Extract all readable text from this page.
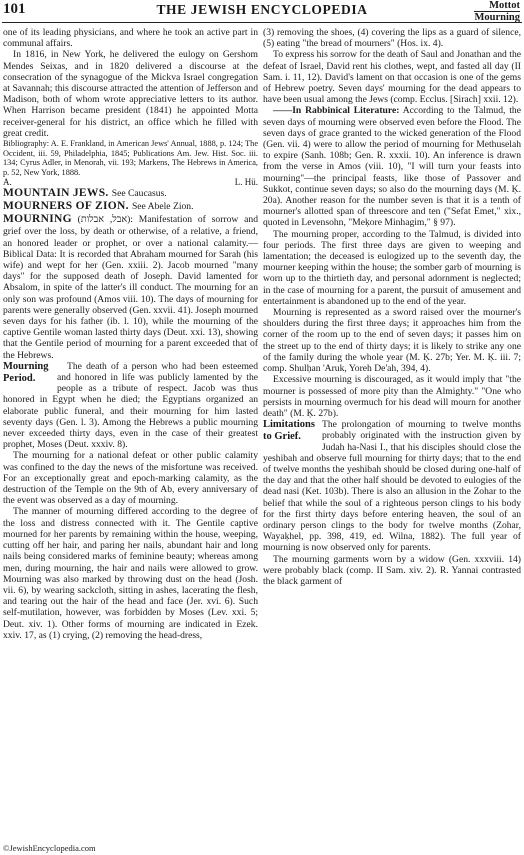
101	THE JEWISH ENCYCLOPEDIA	Mottot
Mourning

one of its leading physicians, and where he took an active part in communal affairs.

In 1816, in New York, he delivered the eulogy on Gershom Mendes Seixas, and in 1820 delivered a discourse at the consecration of the synagogue of the Mickva Israel congregation at Savannah; this discourse attracted the attention of Jefferson and Madison, both of whom wrote appreciative letters to its author. When Harrison became president (1841) he appointed Motta receiver-general for his district, an office which he filled with great credit.

Bibliography: A. E. Frankland, in American Jews' Annual, 1888, p. 124; The Occident, iii. 59, Philadelphia, 1845; Publications Am. Jew. Hist. Soc. iii. 134; Cyrus Adler, in Menorah, vii. 193; Markens, The Hebrews in America, p. 52, New York, 1888.

A.	L. Hü.
MOUNTAIN JEWS. See Caucasus.
MOURNERS OF ZION. See Abele Zion.

MOURNING (אבל, אבלות): Manifestation of sorrow and grief over the loss, by death or otherwise, of a relative, a friend, an honored leader or prophet, or over a national calamity.—Biblical Data: It is recorded that Abraham mourned for Sarah (his wife) and wept for her (Gen. xxiii. 2). Jacob mourned "many days" for the supposed death of Joseph. David lamented for Absalom, in spite of the latter's ill conduct. The mourning for an only son was profound (Amos viii. 10). The days of mourning for parents were generally observed (Gen. xxvii. 41). Joseph mourned seven days for his father (ib. l. 10), while the mourning of the captive Gentile woman lasted thirty days (Deut. xxi. 13), showing that the Gentile period of mourning for a parent exceeded that of the Hebrews.

Mourning Period.

The death of a person who had been esteemed and honored in life was publicly lamented by the people as a tribute of respect. Jacob was thus honored in Egypt when he died; the Egyptians organized an elaborate public funeral, and their mourning for him lasted seventy days (Gen. l. 3). Among the Hebrews a public mourning never exceeded thirty days, even in the case of their greatest prophet, Moses (Deut. xxxiv. 8).

The mourning for a national defeat or other public calamity was confined to the day the news of the misfortune was received. For an exceptionally great and epoch-marking calamity, as the destruction of the Temple on the 9th of Ab, every anniversary of the event was observed as a day of mourning.

The manner of mourning differed according to the degree of the loss and distress connected with it. The Gentile captive mourned for her parents by remaining within the house, weeping, cutting off her hair, and paring her nails, abundant hair and long nails being considered marks of feminine beauty; whereas among men, during mourning, the hair and nails were allowed to grow. Mourning was also marked by throwing dust on the head (Josh. vii. 6), by wearing sackcloth, sitting in ashes, lacerating the flesh, and tearing out the hair of the head and face (Jer. xvi. 6). Such self-mutilation, however, was forbidden by Moses (Lev. xxi. 5; Deut. xiv. 1). Other forms of mourning are indicated in Ezek. xxiv. 17, as (1) crying, (2) removing the head-dress,

(3) removing the shoes, (4) covering the lips as a guard of silence, (5) eating "the bread of mourners" (Hos. ix. 4).

To express his sorrow for the death of Saul and Jonathan and the defeat of Israel, David rent his clothes, wept, and fasted all day (II Sam. i. 11, 12). David's lament on that occasion is one of the gems of Hebrew poetry. Seven days' mourning for the dead appears to have been usual among the Jews (comp. Ecclus. [Sirach] xxii. 12).

——In Rabbinical Literature: According to the Talmud, the seven days of mourning were observed even before the Flood. The seven days of grace granted to the wicked generation of the Flood (Gen. vii. 4) were to allow the period of mourning for Methuselah to expire (Sanh. 108b; Gen. R. xxxii. 10). An inference is drawn from the verse in Amos (viii. 10), "I will turn your feasts into mourning"—the principal feasts, like those of Passover and Sukkot, continue seven days; so also do the mourning days (M. Ḳ. 20a). Another reason for the number seven is that it is a tenth of mourner's allotted span of threescore and ten ("Sefat Emet," xix., quoted in Levensohn, "Meḳore Minhagim," § 97).

The mourning proper, according to the Talmud, is divided into four periods. The first three days are given to weeping and lamentation; the deceased is eulogized up to the seventh day, the mourner keeping within the house; the somber garb of mourning is worn up to the thirtieth day, and personal adornment is neglected; in the case of mourning for a parent, the pursuit of amusement and entertainment is abandoned up to the end of the year.

Mourning is represented as a sword raised over the mourner's shoulders during the first three days; it approaches him from the corner of the room up to the end of seven days; it passes him on the street up to the end of thirty days; it is likely to strike any one of the family during the whole year (M. Ḳ. 27b; Yer. M. Ḳ. iii. 7; comp. Shulḥan 'Aruk, Yoreh De'ah, 394, 4).

Excessive mourning is discouraged, as it would imply that "the mourner is possessed of more pity than the Almighty." "One who persists in mourning overmuch for his dead will mourn for another death" (M. Ḳ. 27b).

Limitations to Grief.

The prolongation of mourning to twelve months probably originated with the instruction given by Judah ha-Nasi I., that his disciples should close the yeshibah and observe full mourning for thirty days; that to the end of twelve months the yeshibah should be closed during one-half of the day and that the other half should be devoted to eulogies of the dead nasi (Ket. 103b). There is also an allusion in the Zohar to the belief that while the soul of a righteous person clings to his body for the first thirty days before entering heaven, the soul of an ordinary person clings to the body for twelve months (Zohar, Wayaḳhel, pp. 398, 419, ed. Wilna, 1882). The full year of mourning is now observed only for parents.

The mourning garments worn by a widow (Gen. xxxviii. 14) were probably black (comp. II Sam. xiv. 2). R. Yannai contrasted the black garment of

©JewishEncyclopedia.com
